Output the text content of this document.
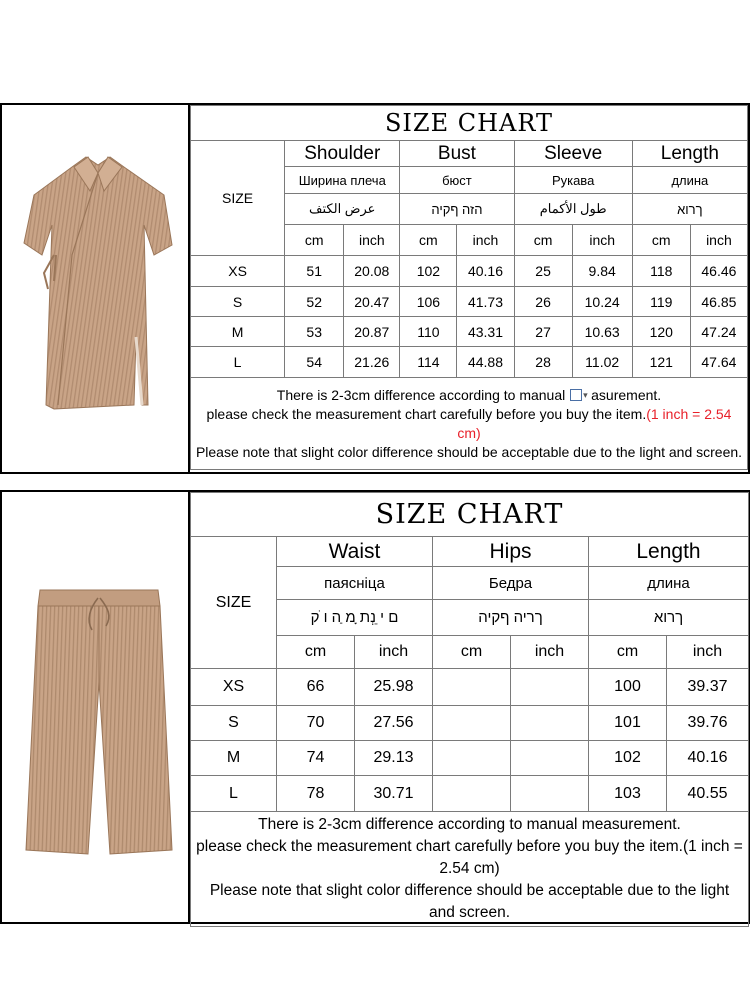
SIZE CHART								
SIZE	Shoulder		Bust		Sleeve		Length	
	Ширина плеча		бюст		Рукава		длина	
	عرض الكتف		הזה ףקיה		طول الأكمام		ךרוא	
	cm	inch	cm	inch	cm	inch	cm	inch
XS	51	20.08	102	40.16	25	9.84	118	46.46
S	52	20.47	106	41.73	26	10.24	119	46.85
M	53	20.87	110	43.31	27	10.63	120	47.24
L	54	21.26	114	44.88	28	11.02	121	47.64

There is 2-3cm difference according to manual ▾asurement.
please check the measurement chart carefully before you buy the item.(1 inch = 2.54 cm)
Please note that slight color difference should be acceptable due to the light and screen.
SIZE CHART						
SIZE	Waist		Hips		Length	
	паясніца		Бедра		длина	
	ם י ֵנְת ָמ ַה ו ֹק		ךריה ףקיה		ךרוא	
	cm	inch	cm	inch	cm	inch
XS	66	25.98			100	39.37
S	70	27.56			101	39.76
M	74	29.13			102	40.16
L	78	30.71			103	40.55

There is 2-3cm difference according to manual measurement.
please check the measurement chart carefully before you buy the item.(1 inch = 2.54 cm)
Please note that slight color difference should be acceptable due to the light and screen.						
